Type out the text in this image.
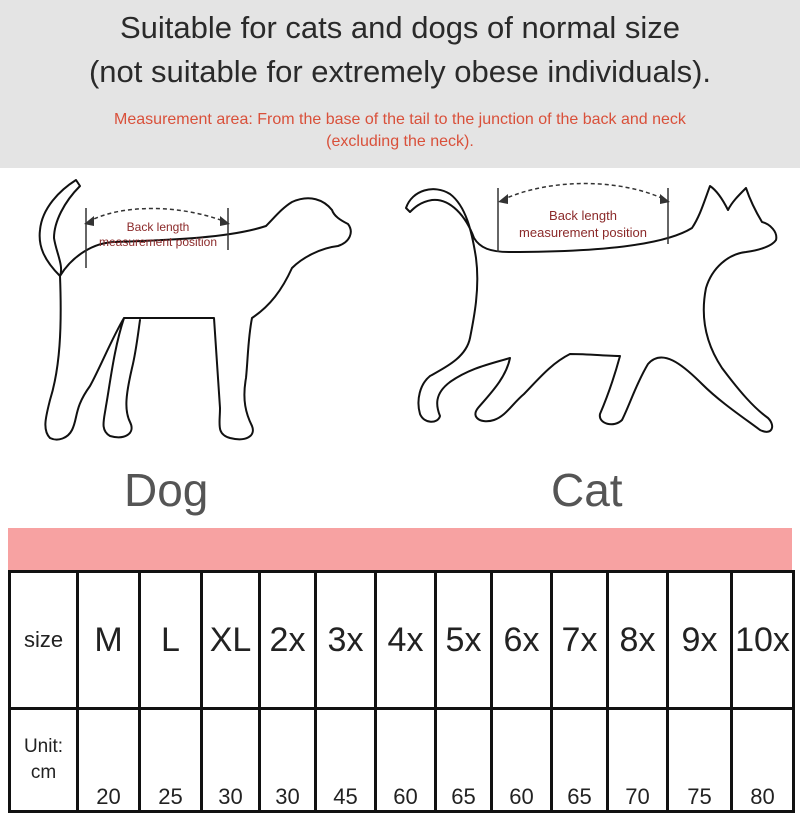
Suitable for cats and dogs of normal size
(not suitable for extremely obese individuals).
Measurement area: From the base of the tail to the junction of the back and neck
(excluding the neck).
Back length
measurement position
Back length
measurement position
Dog	Cat
size	M	L	XL	2x	3x	4x	5x	6x	7x	8x	9x	10x

Unit:
cm	20	25	30	30	45	60	65	60	65	70	75	80
